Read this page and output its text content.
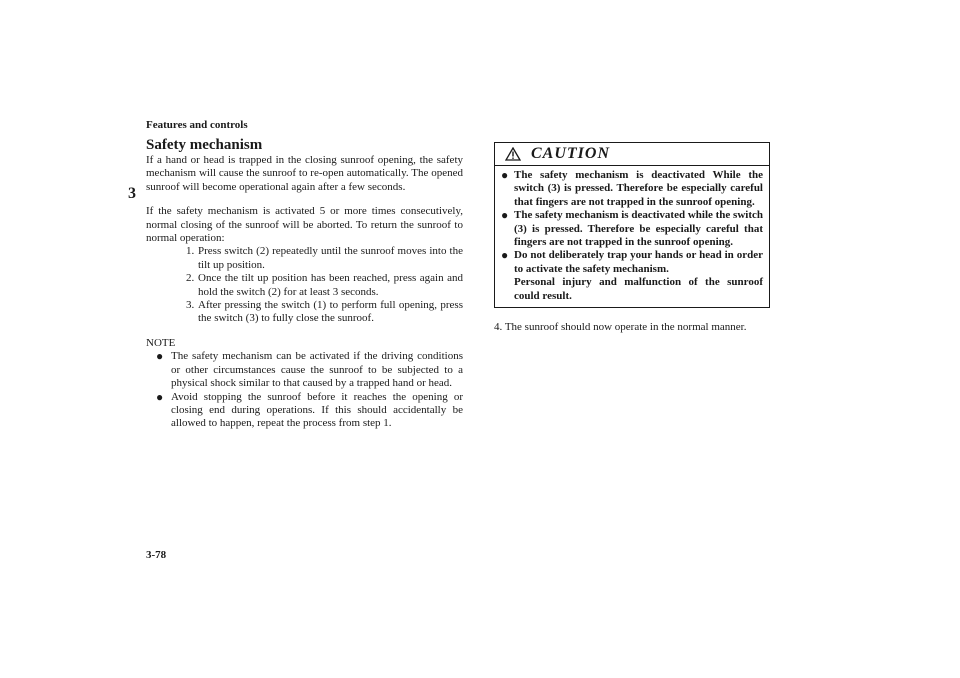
Features and controls
3
Safety mechanism

If a hand or head is trapped in the closing sunroof opening, the safety mechanism will cause the sunroof to re-open automatically. The opened sunroof will become operational again after a few seconds.

If the safety mechanism is activated 5 or more times consecutively, normal closing of the sunroof will be aborted. To return the sunroof to normal operation:

1. Press switch (2) repeatedly until the sunroof moves into the tilt up position.
2. Once the tilt up position has been reached, press again and hold the switch (2) for at least 3 seconds.
3. After pressing the switch (1) to perform full opening, press the switch (3) to fully close the sunroof.
NOTE
● The safety mechanism can be activated if the driving conditions or other circumstances cause the sunroof to be subjected to a physical shock similar to that caused by a trapped hand or head.
● Avoid stopping the sunroof before it reaches the opening or closing end during operations. If this should accidentally be allowed to happen, repeat the process from step 1.
CAUTION
● The safety mechanism is deactivated While the switch (3) is pressed. Therefore be especially careful that fingers are not trapped in the sunroof opening.
● The safety mechanism is deactivated while the switch (3) is pressed. Therefore be especially careful that fingers are not trapped in the sunroof opening.
● Do not deliberately trap your hands or head in order to activate the safety mechanism.
Personal injury and malfunction of the sunroof could result.
4. The sunroof should now operate in the normal manner.
3-78
